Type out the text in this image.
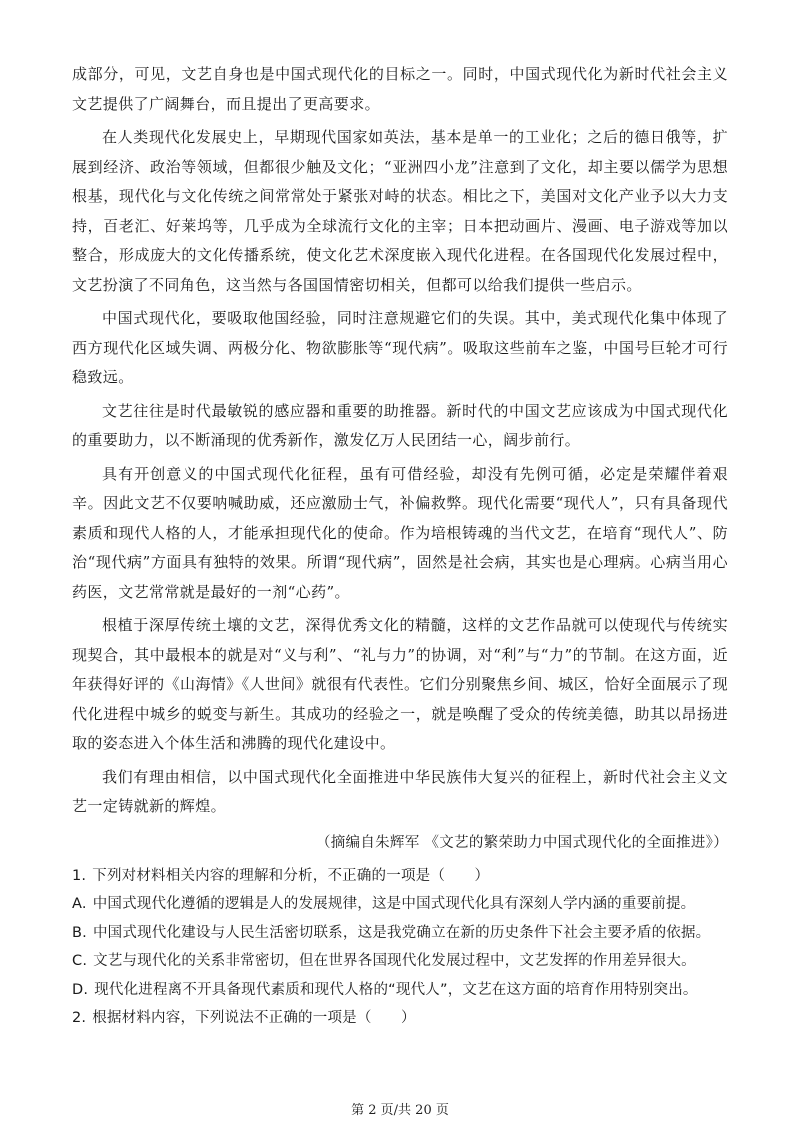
成部分，可见，文艺自身也是中国式现代化的目标之一。同时，中国式现代化为新时代社会主义文艺提供了广阔舞台，而且提出了更高要求。

在人类现代化发展史上，早期现代国家如英法，基本是单一的工业化；之后的德日俄等，扩展到经济、政治等领域，但都很少触及文化；“亚洲四小龙”注意到了文化，却主要以儒学为思想根基，现代化与文化传统之间常常处于紧张对峙的状态。相比之下，美国对文化产业予以大力支持，百老汇、好莱坞等，几乎成为全球流行文化的主宰；日本把动画片、漫画、电子游戏等加以整合，形成庞大的文化传播系统，使文化艺术深度嵌入现代化进程。在各国现代化发展过程中，文艺扮演了不同角色，这当然与各国国情密切相关，但都可以给我们提供一些启示。

中国式现代化，要吸取他国经验，同时注意规避它们的失误。其中，美式现代化集中体现了西方现代化区域失调、两极分化、物欲膨胀等“现代病”。吸取这些前车之鉴，中国号巨轮才可行稳致远。

文艺往往是时代最敏锐的感应器和重要的助推器。新时代的中国文艺应该成为中国式现代化的重要助力，以不断涌现的优秀新作，激发亿万人民团结一心，阔步前行。

具有开创意义的中国式现代化征程，虽有可借经验，却没有先例可循，必定是荣耀伴着艰辛。因此文艺不仅要呐喊助威，还应激励士气，补偏救弊。现代化需要“现代人”，只有具备现代素质和现代人格的人，才能承担现代化的使命。作为培根铸魂的当代文艺，在培育“现代人”、防治“现代病”方面具有独特的效果。所谓“现代病”，固然是社会病，其实也是心理病。心病当用心药医，文艺常常就是最好的一剂“心药”。

根植于深厚传统土壤的文艺，深得优秀文化的精髓，这样的文艺作品就可以使现代与传统实现契合，其中最根本的就是对“义与利”、“礼与力”的协调，对“利”与“力”的节制。在这方面，近年获得好评的《山海情》《人世间》就很有代表性。它们分别聚焦乡间、城区，恰好全面展示了现代化进程中城乡的蜕变与新生。其成功的经验之一，就是唤醒了受众的传统美德，助其以昂扬进取的姿态进入个体生活和沸腾的现代化建设中。

我们有理由相信，以中国式现代化全面推进中华民族伟大复兴的征程上，新时代社会主义文艺一定铸就新的辉煌。

（摘编自朱辉军 《文艺的繁荣助力中国式现代化的全面推进》）

1. 下列对材料相关内容的理解和分析，不正确的一项是（　　）

A. 中国式现代化遵循的逻辑是人的发展规律，这是中国式现代化具有深刻人学内涵的重要前提。

B. 中国式现代化建设与人民生活密切联系，这是我党确立在新的历史条件下社会主要矛盾的依据。

C. 文艺与现代化的关系非常密切，但在世界各国现代化发展过程中，文艺发挥的作用差异很大。

D. 现代化进程离不开具备现代素质和现代人格的“现代人”，文艺在这方面的培育作用特别突出。

2. 根据材料内容，下列说法不正确的一项是（　　）

第 2 页/共 20 页
